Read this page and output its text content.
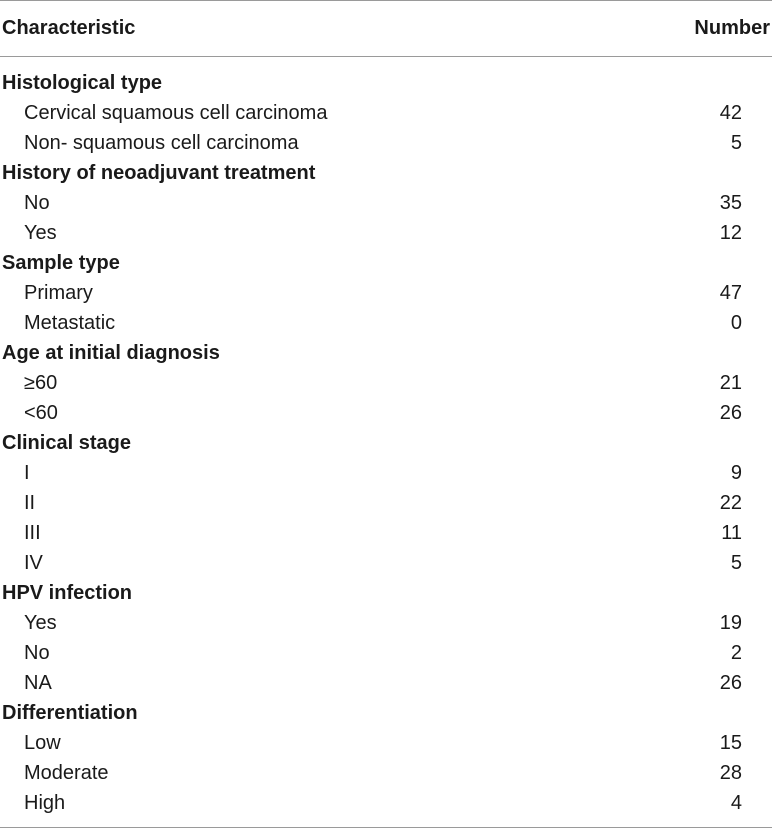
Characteristic	Number
Histological type
Cervical squamous cell carcinoma	42
Non- squamous cell carcinoma	5
History of neoadjuvant treatment
No	35
Yes	12
Sample type
Primary	47
Metastatic	0
Age at initial diagnosis
≥60	21
<60	26
Clinical stage
I	9
II	22
III	11
IV	5
HPV infection
Yes	19
No	2
NA	26
Differentiation
Low	15
Moderate	28
High	4
